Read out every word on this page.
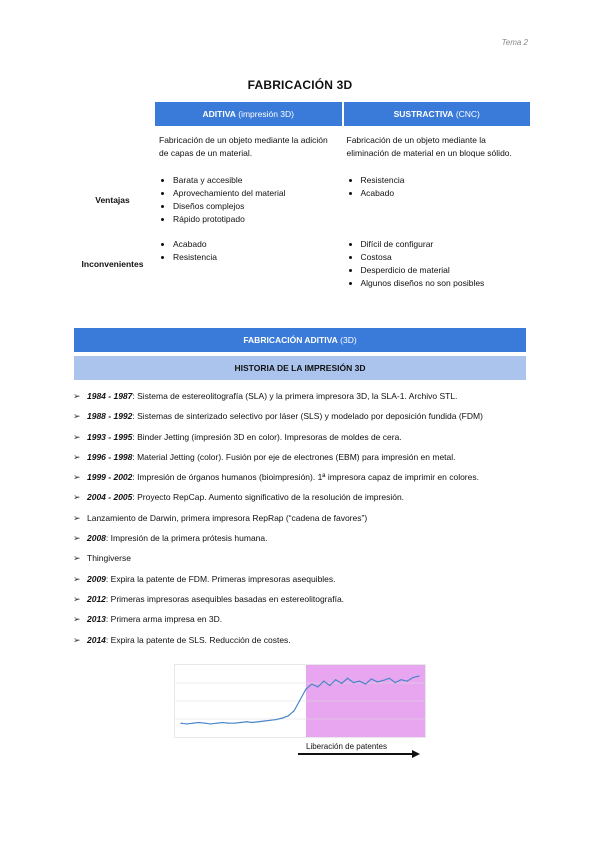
Tema 2
FABRICACIÓN 3D
ADITIVA (impresión 3D)	SUSTRACTIVA (CNC)
Fabricación de un objeto mediante la adición de capas de un material.
Fabricación de un objeto mediante la eliminación de material en un bloque sólido.
Ventajas
• Barata y accesible
• Aprovechamiento del material
• Diseños complejos
• Rápido prototipado
• Resistencia
• Acabado
Inconvenientes
• Acabado
• Resistencia
• Difícil de configurar
• Costosa
• Desperdicio de material
• Algunos diseños no son posibles
FABRICACIÓN ADITIVA (3D)
HISTORIA DE LA IMPRESIÓN 3D
➢ 1984 - 1987: Sistema de estereolitografía (SLA) y la primera impresora 3D, la SLA-1. Archivo STL.
➢ 1988 - 1992: Sistemas de sinterizado selectivo por láser (SLS) y modelado por deposición fundida (FDM)
➢ 1993 - 1995: Binder Jetting (impresión 3D en color). Impresoras de moldes de cera.
➢ 1996 - 1998: Material Jetting (color). Fusión por eje de electrones (EBM) para impresión en metal.
➢ 1999 - 2002: Impresión de órganos humanos (bioimpresión). 1ª impresora capaz de imprimir en colores.
➢ 2004 - 2005: Proyecto RepCap. Aumento significativo de la resolución de impresión.
➢ Lanzamiento de Darwin, primera impresora RepRap (“cadena de favores”)
➢ 2008: Impresión de la primera prótesis humana.
➢ Thingiverse
➢ 2009: Expira la patente de FDM. Primeras impresoras asequibles.
➢ 2012: Primeras impresoras asequibles basadas en estereolitografía.
➢ 2013: Primera arma impresa en 3D.
➢ 2014: Expira la patente de SLS. Reducción de costes.
Liberación de patentes
